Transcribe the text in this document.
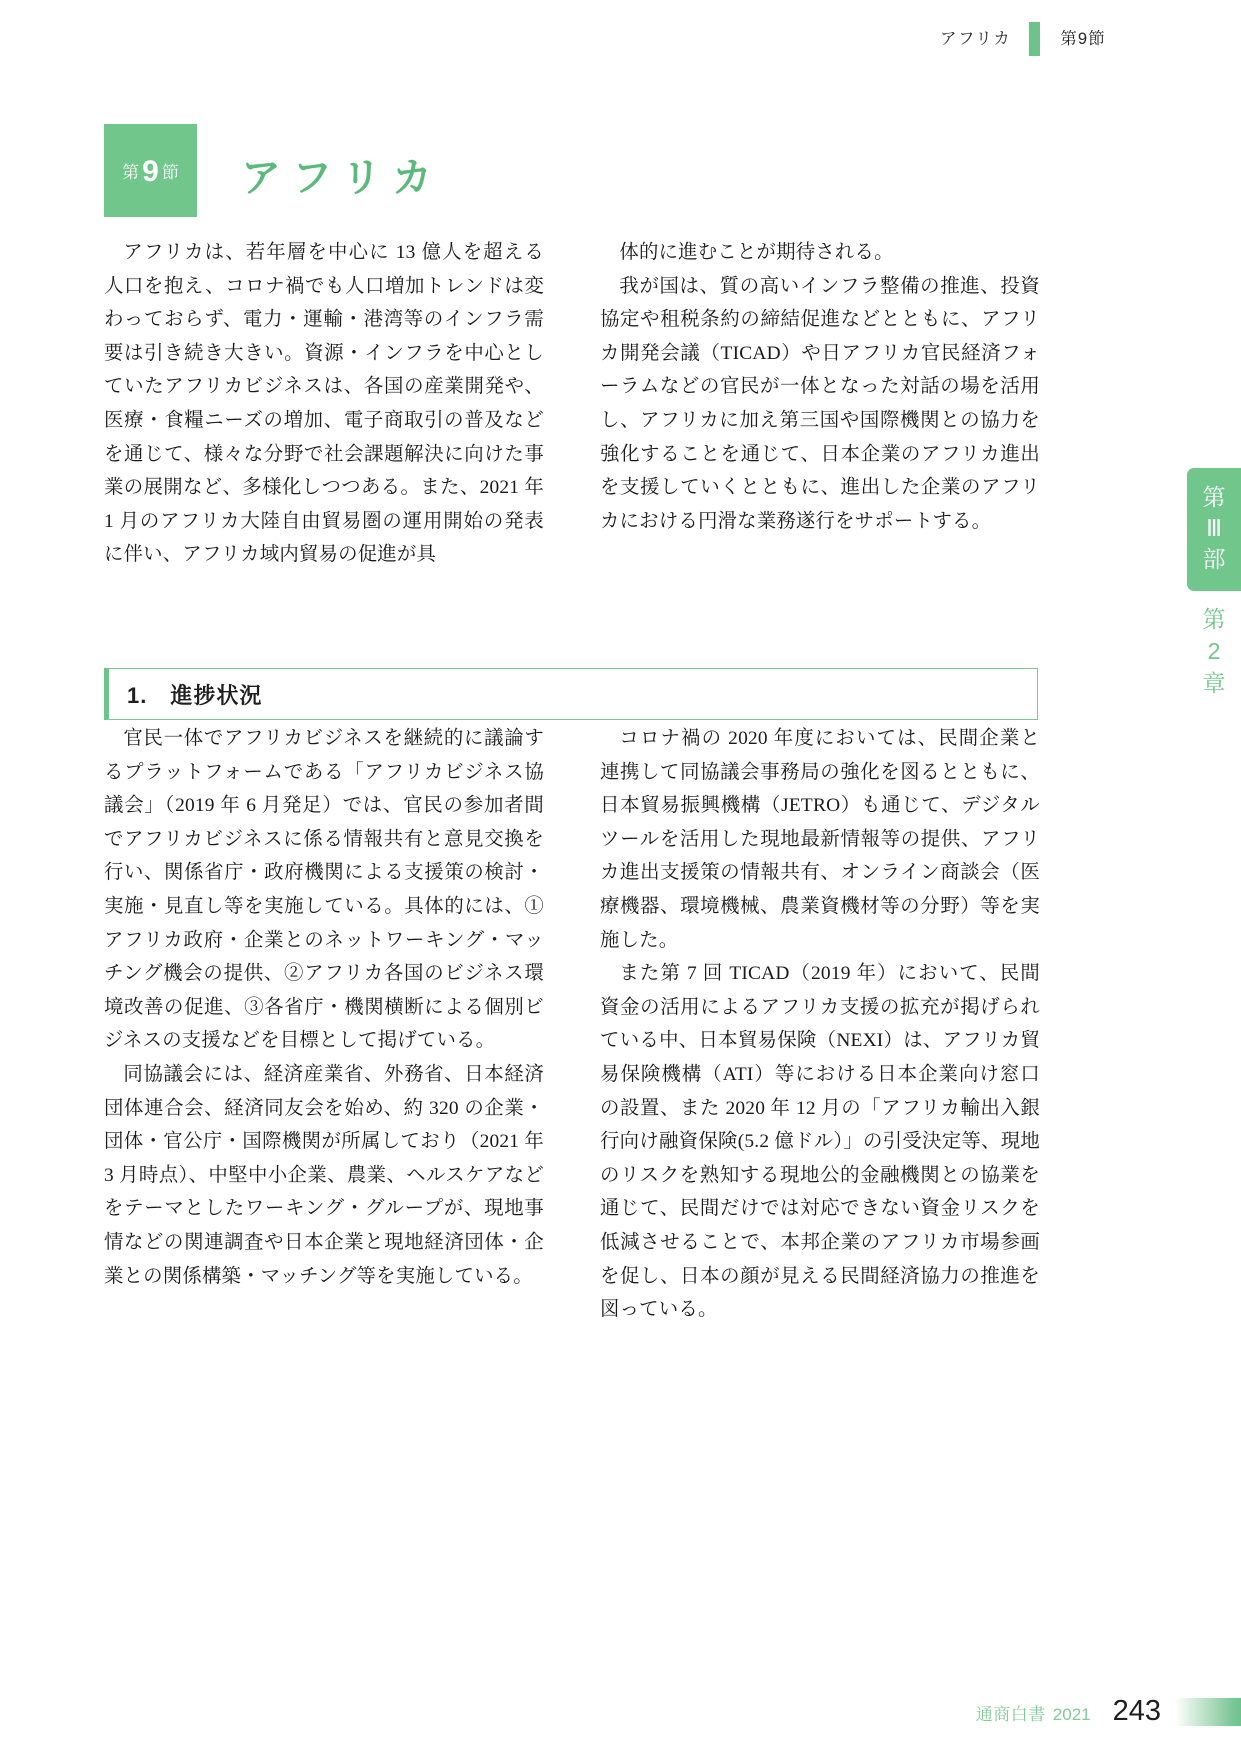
アフリカ	第9節
第 9 節 アフリカ

アフリカは、若年層を中心に 13 億人を超える人口を抱え、コロナ禍でも人口増加トレンドは変わっておらず、電力・運輸・港湾等のインフラ需要は引き続き大きい。資源・インフラを中心としていたアフリカビジネスは、各国の産業開発や、医療・食糧ニーズの増加、電子商取引の普及などを通じて、様々な分野で社会課題解決に向けた事業の展開など、多様化しつつある。また、2021 年 1 月のアフリカ大陸自由貿易圏の運用開始の発表に伴い、アフリカ域内貿易の促進が具

体的に進むことが期待される。

我が国は、質の高いインフラ整備の推進、投資協定や租税条約の締結促進などとともに、アフリカ開発会議（TICAD）や日アフリカ官民経済フォーラムなどの官民が一体となった対話の場を活用し、アフリカに加え第三国や国際機関との協力を強化することを通じて、日本企業のアフリカ進出を支援していくとともに、進出した企業のアフリカにおける円滑な業務遂行をサポートする。

1.　進捗状況

官民一体でアフリカビジネスを継続的に議論するプラットフォームである「アフリカビジネス協議会」（2019 年 6 月発足）では、官民の参加者間でアフリカビジネスに係る情報共有と意見交換を行い、関係省庁・政府機関による支援策の検討・実施・見直し等を実施している。具体的には、①アフリカ政府・企業とのネットワーキング・マッチング機会の提供、②アフリカ各国のビジネス環境改善の促進、③各省庁・機関横断による個別ビジネスの支援などを目標として掲げている。

同協議会には、経済産業省、外務省、日本経済団体連合会、経済同友会を始め、約 320 の企業・団体・官公庁・国際機関が所属しており（2021 年 3 月時点）、中堅中小企業、農業、ヘルスケアなどをテーマとしたワーキング・グループが、現地事情などの関連調査や日本企業と現地経済団体・企業との関係構築・マッチング等を実施している。

コロナ禍の 2020 年度においては、民間企業と連携して同協議会事務局の強化を図るとともに、日本貿易振興機構（JETRO）も通じて、デジタルツールを活用した現地最新情報等の提供、アフリカ進出支援策の情報共有、オンライン商談会（医療機器、環境機械、農業資機材等の分野）等を実施した。

また第 7 回 TICAD（2019 年）において、民間資金の活用によるアフリカ支援の拡充が掲げられている中、日本貿易保険（NEXI）は、アフリカ貿易保険機構（ATI）等における日本企業向け窓口の設置、また 2020 年 12 月の「アフリカ輸出入銀行向け融資保険(5.2 億ドル）」の引受決定等、現地のリスクを熟知する現地公的金融機関との協業を通じて、民間だけでは対応できない資金リスクを低減させることで、本邦企業のアフリカ市場参画を促し、日本の顔が見える民間経済協力の推進を図っている。

第
Ⅲ
部
第
2
章
通商白書 2021 243
